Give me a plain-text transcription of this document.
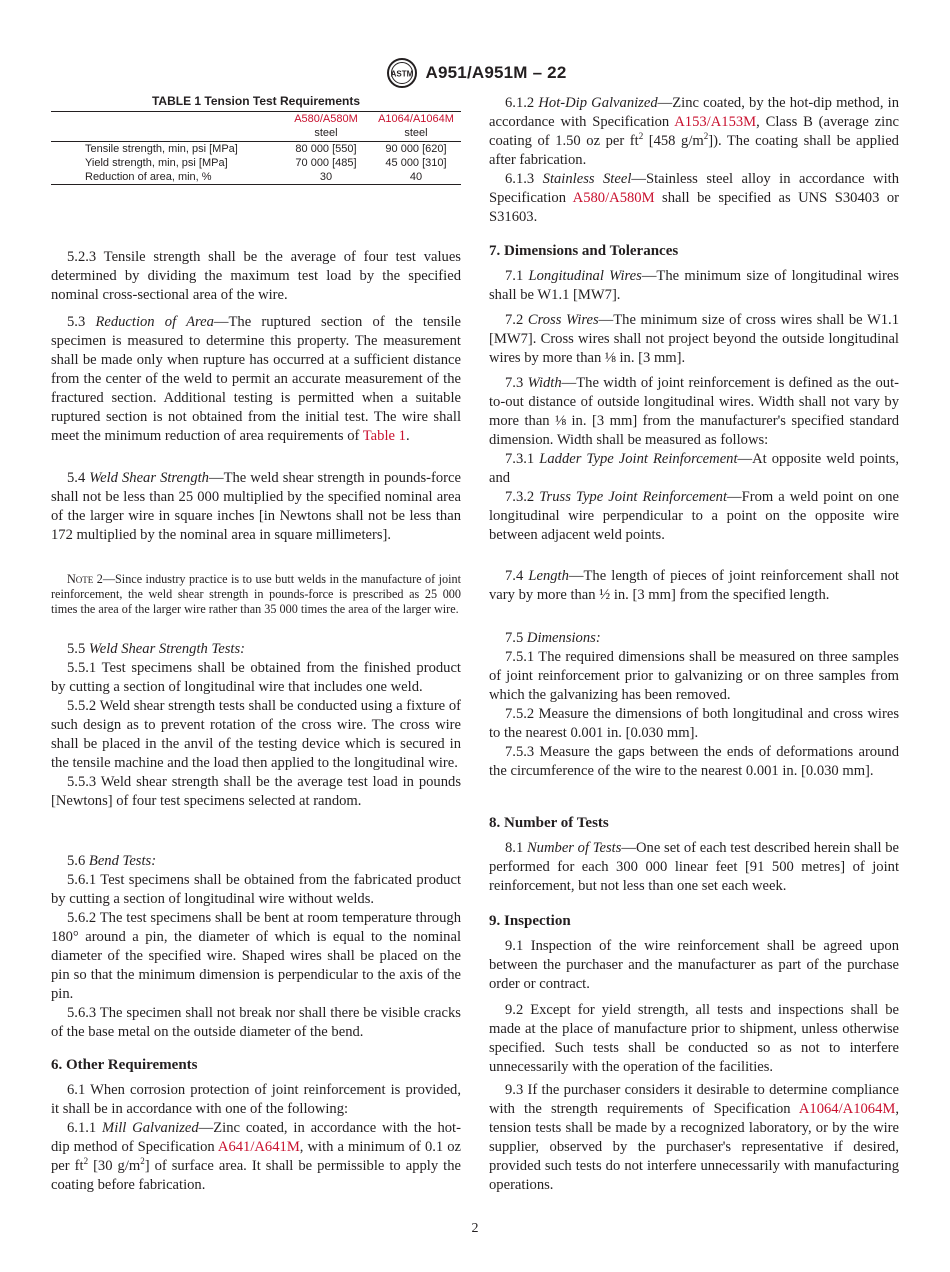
ASTM A951/A951M – 22
TABLE 1 Tension Test Requirements
A580/A580M	A1064/A1064M
steel	steel
Tensile strength, min, psi [MPa]	80 000 [550]	90 000 [620]
Yield strength, min, psi [MPa]	70 000 [485]	45 000 [310]
Reduction of area, min, %	30	40

5.2.3 Tensile strength shall be the average of four test values determined by dividing the maximum test load by the specified nominal cross-sectional area of the wire.

5.3 Reduction of Area—The ruptured section of the tensile specimen is measured to determine this property. The measurement shall be made only when rupture has occurred at a sufficient distance from the center of the weld to permit an accurate measurement of the fractured section. Additional testing is permitted when a suitable ruptured section is not obtained from the initial test. The wire shall meet the minimum reduction of area requirements of Table 1.

5.4 Weld Shear Strength—The weld shear strength in pounds-force shall not be less than 25 000 multiplied by the specified nominal area of the larger wire in square inches [in Newtons shall not be less than 172 multiplied by the nominal area in square millimeters].

Note 2—Since industry practice is to use butt welds in the manufacture of joint reinforcement, the weld shear strength in pounds-force is prescribed as 25 000 times the area of the larger wire rather than 35 000 times the area of the larger wire.

5.5 Weld Shear Strength Tests:

5.5.1 Test specimens shall be obtained from the finished product by cutting a section of longitudinal wire that includes one weld.

5.5.2 Weld shear strength tests shall be conducted using a fixture of such design as to prevent rotation of the cross wire. The cross wire shall be placed in the anvil of the testing device which is secured in the tensile machine and the load then applied to the longitudinal wire.

5.5.3 Weld shear strength shall be the average test load in pounds [Newtons] of four test specimens selected at random.

5.6 Bend Tests:

5.6.1 Test specimens shall be obtained from the fabricated product by cutting a section of longitudinal wire without welds.

5.6.2 The test specimens shall be bent at room temperature through 180° around a pin, the diameter of which is equal to the nominal diameter of the specified wire. Shaped wires shall be placed on the pin so that the minimum dimension is perpendicular to the axis of the pin.

5.6.3 The specimen shall not break nor shall there be visible cracks of the base metal on the outside diameter of the bend.

6. Other Requirements

6.1 When corrosion protection of joint reinforcement is provided, it shall be in accordance with one of the following:

6.1.1 Mill Galvanized—Zinc coated, in accordance with the hot-dip method of Specification A641/A641M, with a minimum of 0.1 oz per $ft^2$ [30 $g/m^2$] of surface area. It shall be permissible to apply the coating before fabrication.

6.1.2 Hot-Dip Galvanized—Zinc coated, by the hot-dip method, in accordance with Specification A153/A153M, Class B (average zinc coating of 1.50 oz per $ft^2$ [458 $g/m^2$]). The coating shall be applied after fabrication.

6.1.3 Stainless Steel—Stainless steel alloy in accordance with Specification A580/A580M shall be specified as UNS S30403 or S31603.

7. Dimensions and Tolerances

7.1 Longitudinal Wires—The minimum size of longitudinal wires shall be W1.1 [MW7].

7.2 Cross Wires—The minimum size of cross wires shall be W1.1 [MW7]. Cross wires shall not project beyond the outside longitudinal wires by more than ⅛ in. [3 mm].

7.3 Width—The width of joint reinforcement is defined as the out-to-out distance of outside longitudinal wires. Width shall not vary by more than ⅛ in. [3 mm] from the manufacturer's specified standard dimension. Width shall be measured as follows:

7.3.1 Ladder Type Joint Reinforcement—At opposite weld points, and

7.3.2 Truss Type Joint Reinforcement—From a weld point on one longitudinal wire perpendicular to a point on the opposite wire between adjacent weld points.

7.4 Length—The length of pieces of joint reinforcement shall not vary by more than ½ in. [3 mm] from the specified length.

7.5 Dimensions:

7.5.1 The required dimensions shall be measured on three samples of joint reinforcement prior to galvanizing or on three samples from which the galvanizing has been removed.

7.5.2 Measure the dimensions of both longitudinal and cross wires to the nearest 0.001 in. [0.030 mm].

7.5.3 Measure the gaps between the ends of deformations around the circumference of the wire to the nearest 0.001 in. [0.030 mm].

8. Number of Tests

8.1 Number of Tests—One set of each test described herein shall be performed for each 300 000 linear feet [91 500 metres] of joint reinforcement, but not less than one set each week.

9. Inspection

9.1 Inspection of the wire reinforcement shall be agreed upon between the purchaser and the manufacturer as part of the purchase order or contract.

9.2 Except for yield strength, all tests and inspections shall be made at the place of manufacture prior to shipment, unless otherwise specified. Such tests shall be conducted so as not to interfere unnecessarily with the operation of the facilities.

9.3 If the purchaser considers it desirable to determine compliance with the strength requirements of Specification A1064/A1064M, tension tests shall be made by a recognized laboratory, or by the wire supplier, observed by the purchaser's representative if desired, provided such tests do not interfere unnecessarily with manufacturing operations.

2
